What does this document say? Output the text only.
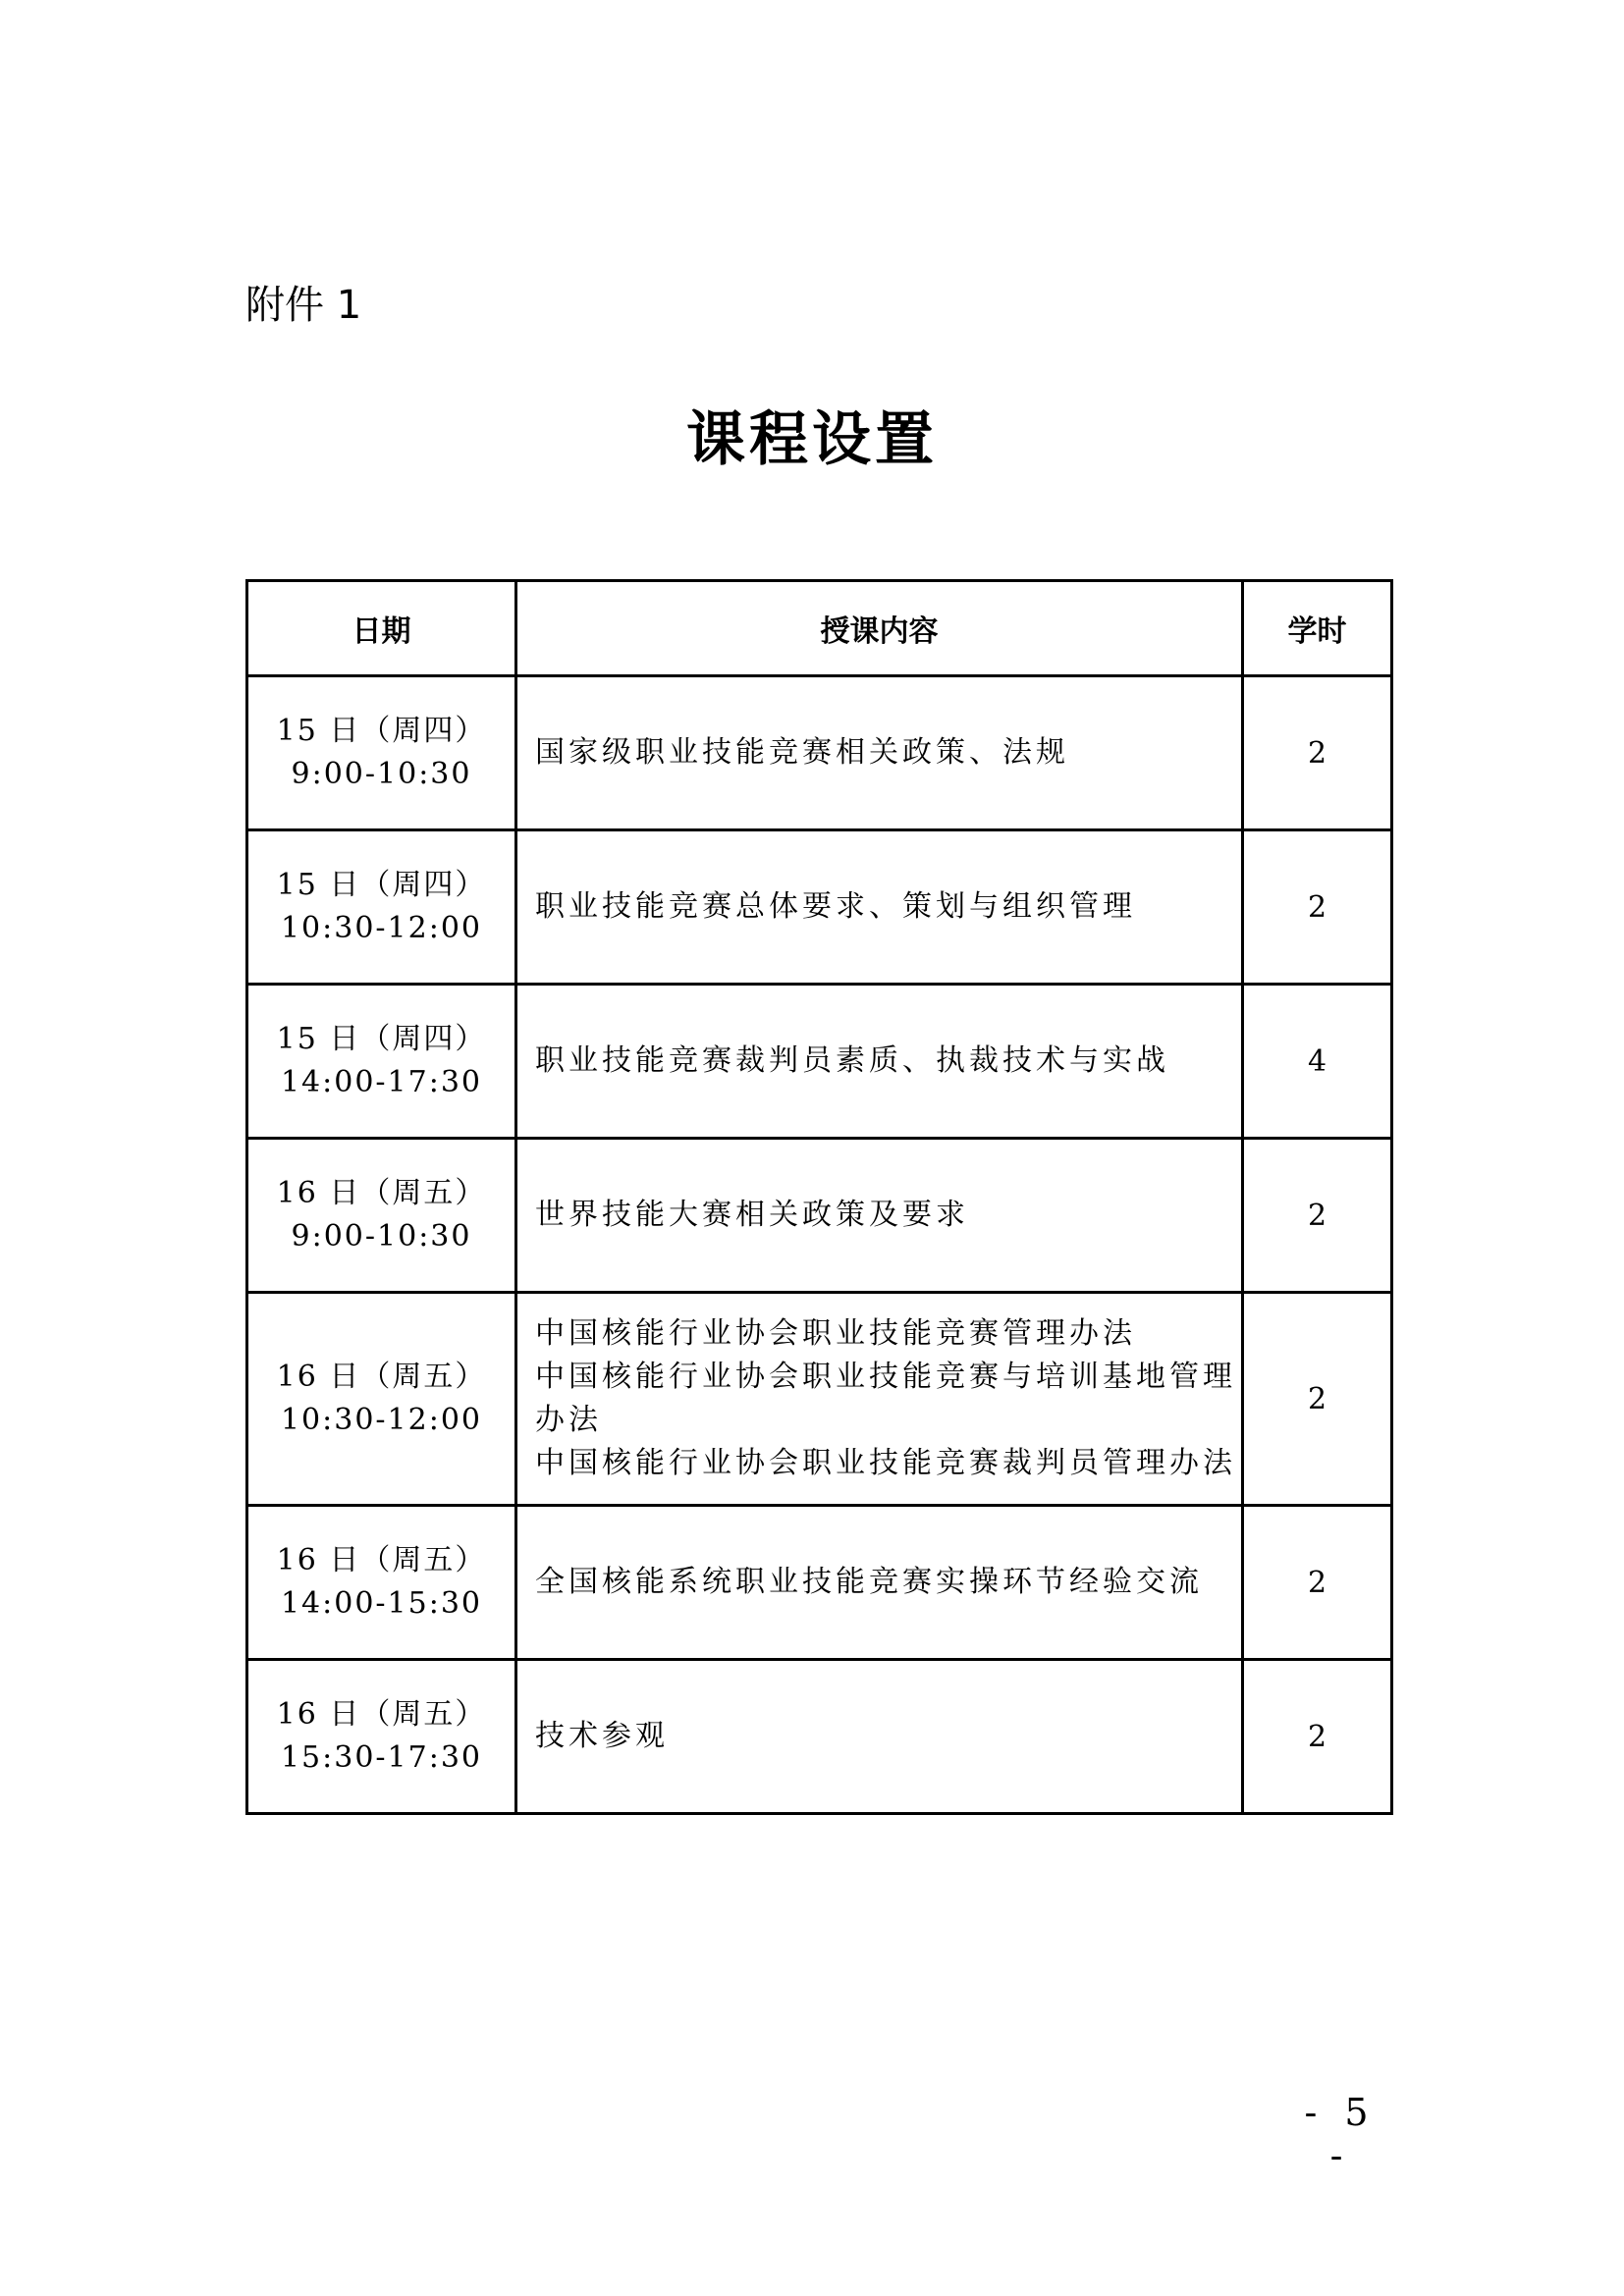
附件 1
课程设置
日期	授课内容	学时

15 日（周四）
9:00-10:30	国家级职业技能竞赛相关政策、法规	2

15 日（周四）
10:30-12:00	职业技能竞赛总体要求、策划与组织管理	2

15 日（周四）
14:00-17:30	职业技能竞赛裁判员素质、执裁技术与实战	4

16 日（周五）
9:00-10:30	世界技能大赛相关政策及要求	2

16 日（周五）
10:30-12:00	中国核能行业协会职业技能竞赛管理办法
中国核能行业协会职业技能竞赛与培训基地管理
办法
中国核能行业协会职业技能竞赛裁判员管理办法	2

16 日（周五）
14:00-15:30	全国核能系统职业技能竞赛实操环节经验交流	2

16 日（周五）
15:30-17:30	技术参观	2
- 5 -
